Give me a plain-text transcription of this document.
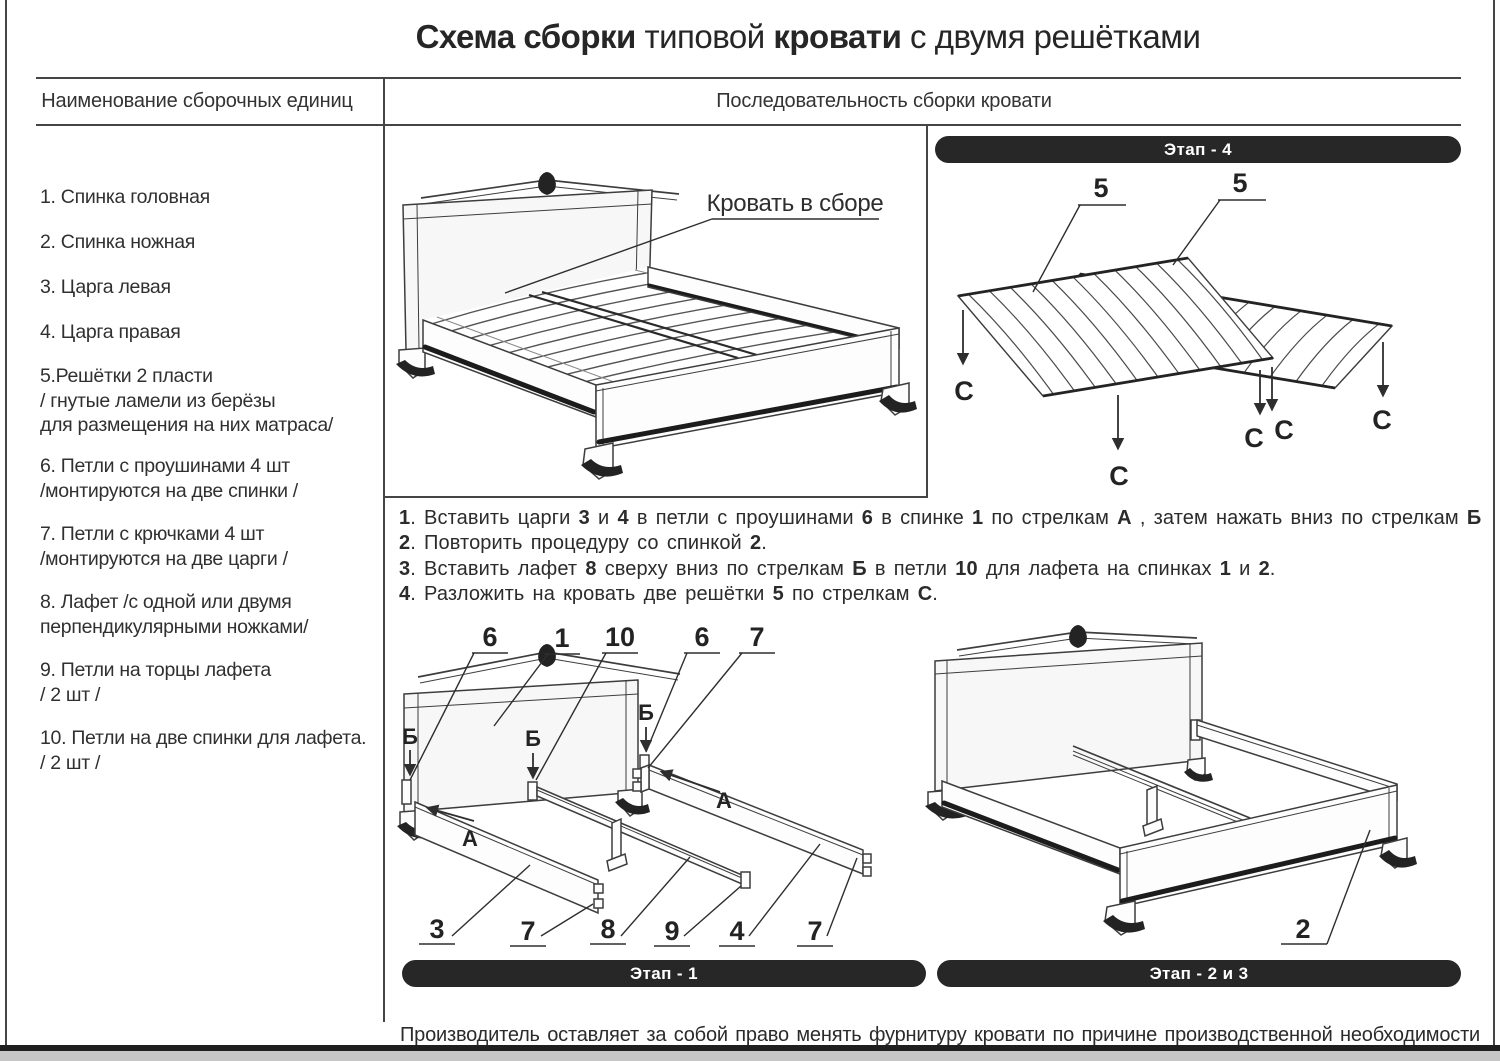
Схема сборки типовой кровати с двумя решётками
Наименование сборочных единиц	Последовательность сборки кровати
1. Спинка головная
2. Спинка ножная
3. Царга левая
4. Царга правая
5.Решётки 2 пласти
/ гнутые ламели из берёзы
для размещения на них матраса/
6. Петли с проушинами 4 шт
/монтируются на две спинки /
7. Петли с крючками 4 шт
/монтируются на две царги /
8. Лафет /с одной или двумя
перпендикулярными ножками/
9. Петли на торцы лафета
/ 2 шт /
10. Петли на две спинки для лафета.
/ 2 шт /
Кровать в сборе
Этап - 4
5	5
С
С
С С	С
Б	Б
Б
А
А
6 1 10 6 7
3	7 8 9 4 7	2
1. Вставить царги 3 и 4 в петли с проушинами 6 в спинке 1 по стрелкам А , затем нажать вниз по стрелкам Б
2. Повторить процедуру со спинкой 2.
3. Вставить лафет 8 сверху вниз по стрелкам Б в петли 10 для лафета на спинках 1 и 2.
4. Разложить на кровать две решётки 5 по стрелкам С.
Этап - 1	Этап - 2 и 3
Производитель оставляет за собой право менять фурнитуру кровати по причине производственной необходимости
